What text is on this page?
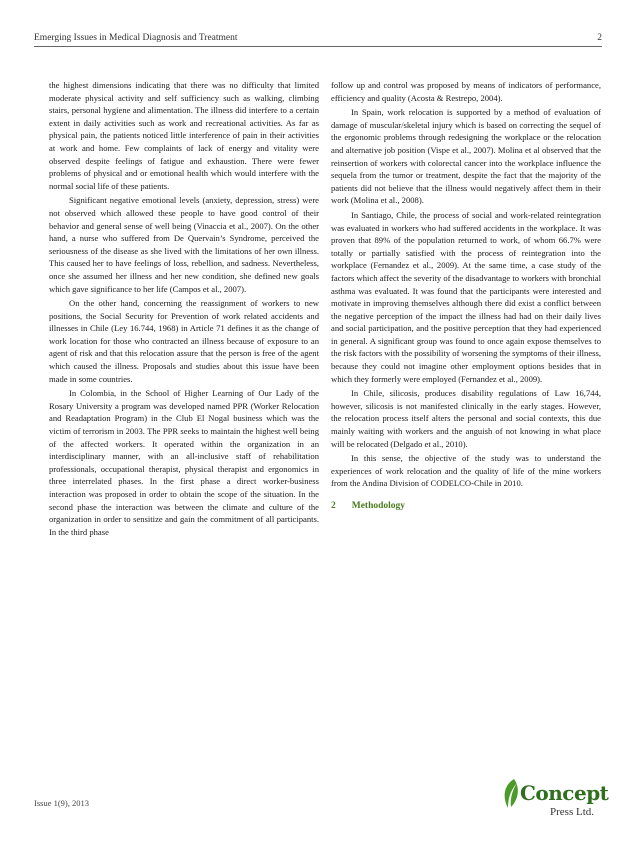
Emerging Issues in Medical Diagnosis and Treatment	2

the highest dimensions indicating that there was no difficulty that limited moderate physical activity and self sufficiency such as walking, climbing stairs, personal hygiene and alimentation. The illness did interfere to a certain extent in daily activities such as work and recreational activities. As far as physical pain, the patients noticed little interference of pain in their activities at work and home. Few complaints of lack of energy and vitality were observed despite feelings of fatigue and exhaustion. There were fewer problems of physical and or emotional health which would interfere with the normal social life of these patients.

Significant negative emotional levels (anxiety, depression, stress) were not observed which allowed these people to have good control of their behavior and general sense of well being (Vinaccia et al., 2007). On the other hand, a nurse who suffered from De Quervain’s Syndrome, perceived the seriousness of the disease as she lived with the limitations of her own illness. This caused her to have feelings of loss, rebellion, and sadness. Nevertheless, once she assumed her illness and her new condition, she defined new goals which gave significance to her life (Campos et al., 2007).

On the other hand, concerning the reassignment of workers to new positions, the Social Security for Prevention of work related accidents and illnesses in Chile (Ley 16.744, 1968) in Article 71 defines it as the change of work location for those who contracted an illness because of exposure to an agent of risk and that this relocation assure that the person is free of the agent which caused the illness. Proposals and studies about this issue have been made in some countries.

In Colombia, in the School of Higher Learning of Our Lady of the Rosary University a program was developed named PPR (Worker Relocation and Readaptation Program) in the Club El Nogal business which was the victim of terrorism in 2003. The PPR seeks to maintain the highest well being of the affected workers. It operated within the organization in an interdisciplinary manner, with an all-inclusive staff of rehabilitation professionals, occupational therapist, physical therapist and ergonomics in three interrelated phases. In the first phase a direct worker-business interaction was proposed in order to obtain the scope of the situation. In the second phase the interaction was between the climate and culture of the organization in order to sensitize and gain the commitment of all participants. In the third phase

follow up and control was proposed by means of indicators of performance, efficiency and quality (Acosta & Restrepo, 2004).

In Spain, work relocation is supported by a method of evaluation of damage of muscular/skeletal injury which is based on correcting the sequel of the ergonomic problems through redesigning the workplace or the relocation and alternative job position (Vispe et al., 2007). Molina et al observed that the reinsertion of workers with colorectal cancer into the workplace influence the sequela from the tumor or treatment, despite the fact that the majority of the patients did not believe that the illness would negatively affect them in their work (Molina et al., 2008).

In Santiago, Chile, the process of social and work-related reintegration was evaluated in workers who had suffered accidents in the workplace. It was proven that 89% of the population returned to work, of whom 66.7% were totally or partially satisfied with the process of reintegration into the workplace (Fernandez et al., 2009). At the same time, a case study of the factors which affect the severity of the disadvantage to workers with bronchial asthma was evaluated. It was found that the participants were interested and motivate in improving themselves although there did exist a conflict between the negative perception of the impact the illness had had on their daily lives and social participation, and the positive perception that they had experienced in general. A significant group was found to once again expose themselves to the risk factors with the possibility of worsening the symptoms of their illness, because they could not imagine other employment options besides that in which they formerly were employed (Fernandez et al., 2009).

In Chile, silicosis, produces disability regulations of Law 16,744, however, silicosis is not manifested clinically in the early stages. However, the relocation process itself alters the personal and social contexts, this due mainly waiting with workers and the anguish of not knowing in what place will be relocated (Delgado et al., 2010).

In this sense, the objective of the study was to understand the experiences of work relocation and the quality of life of the mine workers from the Andina Division of CODELCO-Chile in 2010.

2 Methodology
Issue 1(9), 2013	Concept
Press Ltd.
